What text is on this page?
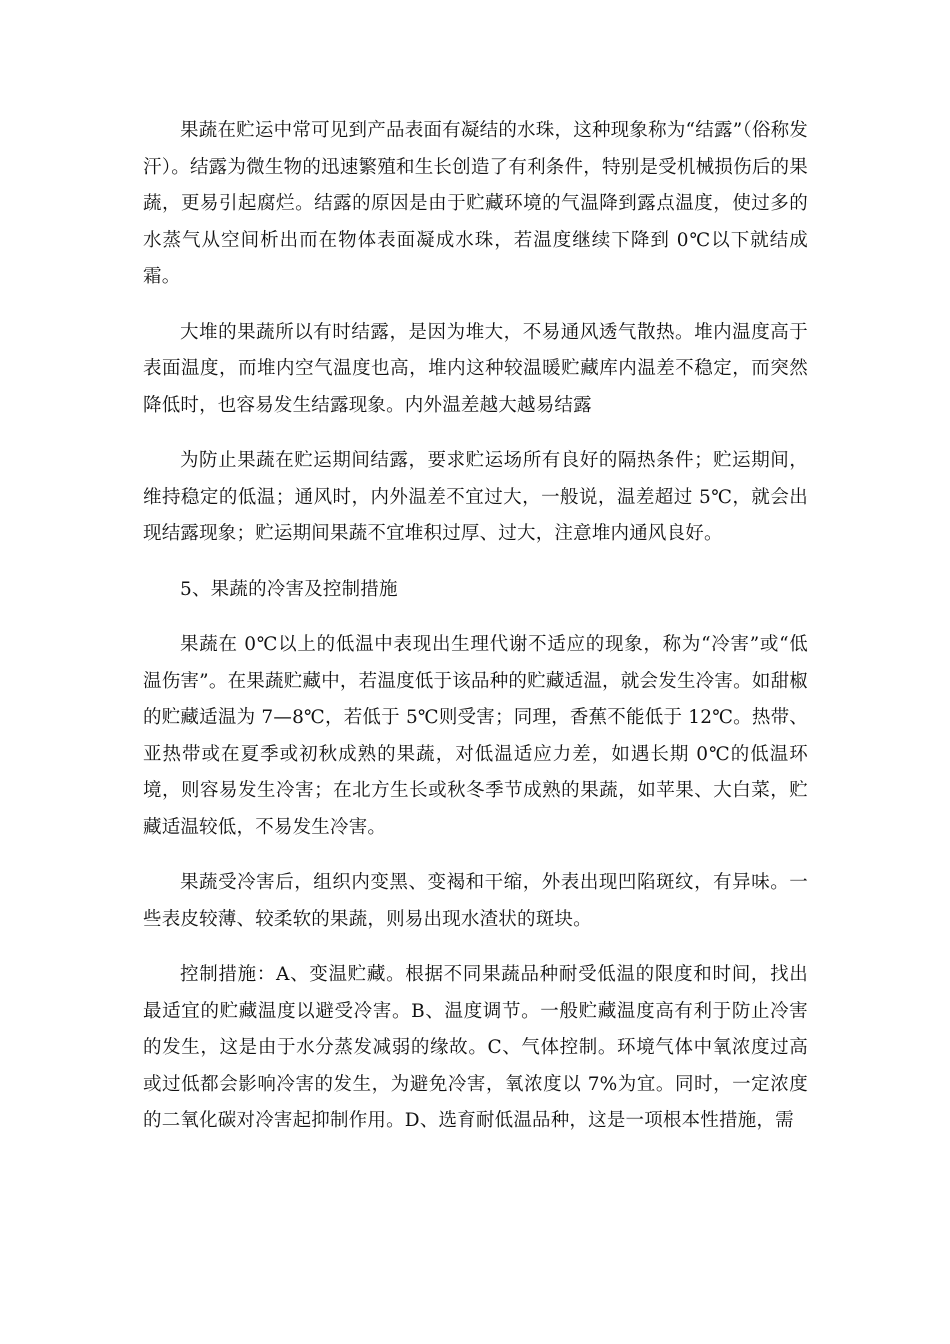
果蔬在贮运中常可见到产品表面有凝结的水珠，这种现象称为“结露”（俗称发汗）。结露为微生物的迅速繁殖和生长创造了有利条件，特别是受机械损伤后的果蔬，更易引起腐烂。结露的原因是由于贮藏环境的气温降到露点温度，使过多的水蒸气从空间析出而在物体表面凝成水珠，若温度继续下降到 0℃以下就结成霜。

大堆的果蔬所以有时结露，是因为堆大，不易通风透气散热。堆内温度高于表面温度，而堆内空气温度也高，堆内这种较温暖贮藏库内温差不稳定，而突然降低时，也容易发生结露现象。内外温差越大越易结露

为防止果蔬在贮运期间结露，要求贮运场所有良好的隔热条件；贮运期间，维持稳定的低温；通风时，内外温差不宜过大，一般说，温差超过 5℃，就会出现结露现象；贮运期间果蔬不宜堆积过厚、过大，注意堆内通风良好。

5、果蔬的冷害及控制措施

果蔬在 0℃以上的低温中表现出生理代谢不适应的现象，称为“冷害”或“低温伤害”。在果蔬贮藏中，若温度低于该品种的贮藏适温，就会发生冷害。如甜椒的贮藏适温为 7—8℃，若低于 5℃则受害；同理，香蕉不能低于 12℃。热带、亚热带或在夏季或初秋成熟的果蔬，对低温适应力差，如遇长期 0℃的低温环境，则容易发生冷害；在北方生长或秋冬季节成熟的果蔬，如苹果、大白菜，贮藏适温较低，不易发生冷害。

果蔬受冷害后，组织内变黑、变褐和干缩，外表出现凹陷斑纹，有异味。一些表皮较薄、较柔软的果蔬，则易出现水渣状的斑块。

控制措施：A、变温贮藏。根据不同果蔬品种耐受低温的限度和时间，找出最适宜的贮藏温度以避受冷害。B、温度调节。一般贮藏温度高有利于防止冷害的发生，这是由于水分蒸发减弱的缘故。C、气体控制。环境气体中氧浓度过高或过低都会影响冷害的发生，为避免冷害，氧浓度以 7%为宜。同时，一定浓度的二氧化碳对冷害起抑制作用。D、选育耐低温品种，这是一项根本性措施，需
